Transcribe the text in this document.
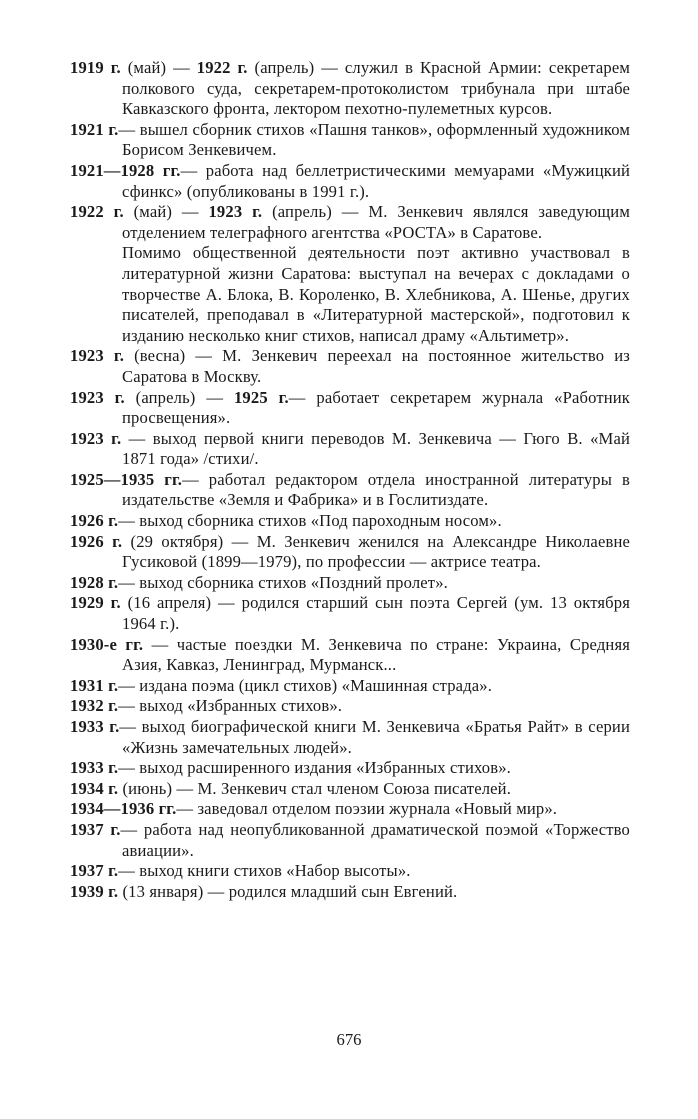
1919 г. (май) — 1922 г. (апрель) — служил в Красной Армии: секретарем полкового суда, секретарем-протоколистом трибунала при штабе Кавказского фронта, лектором пехотно-пулеметных курсов.

1921 г.— вышел сборник стихов «Пашня танков», оформленный художником Борисом Зенкевичем.

1921—1928 гг.— работа над беллетристическими мемуарами «Мужицкий сфинкс» (опубликованы в 1991 г.).

1922 г. (май) — 1923 г. (апрель) — М. Зенкевич являлся заведующим отделением телеграфного агентства «РОСТА» в Саратове.
Помимо общественной деятельности поэт активно участвовал в литературной жизни Саратова: выступал на вечерах с докладами о творчестве А. Блока, В. Короленко, В. Хлебникова, А. Шенье, других писателей, преподавал в «Литературной мастерской», подготовил к изданию несколько книг стихов, написал драму «Альтиметр».

1923 г. (весна) — М. Зенкевич переехал на постоянное жительство из Саратова в Москву.

1923 г. (апрель) — 1925 г.— работает секретарем журнала «Работник просвещения».

1923 г. — выход первой книги переводов М. Зенкевича — Гюго В. «Май 1871 года» /стихи/.

1925—1935 гг.— работал редактором отдела иностранной литературы в издательстве «Земля и Фабрика» и в Гослитиздате.

1926 г.— выход сборника стихов «Под пароходным носом».

1926 г. (29 октября) — М. Зенкевич женился на Александре Николаевне Гусиковой (1899—1979), по профессии — актрисе театра.

1928 г.— выход сборника стихов «Поздний пролет».

1929 г. (16 апреля) — родился старший сын поэта Сергей (ум. 13 октября 1964 г.).

1930-е гг. — частые поездки М. Зенкевича по стране: Украина, Средняя Азия, Кавказ, Ленинград, Мурманск...

1931 г.— издана поэма (цикл стихов) «Машинная страда».

1932 г.— выход «Избранных стихов».

1933 г.— выход биографической книги М. Зенкевича «Братья Райт» в серии «Жизнь замечательных людей».

1933 г.— выход расширенного издания «Избранных стихов».

1934 г. (июнь) — М. Зенкевич стал членом Союза писателей.

1934—1936 гг.— заведовал отделом поэзии журнала «Новый мир».

1937 г.— работа над неопубликованной драматической поэмой «Торжество авиации».

1937 г.— выход книги стихов «Набор высоты».

1939 г. (13 января) — родился младший сын Евгений.

676
